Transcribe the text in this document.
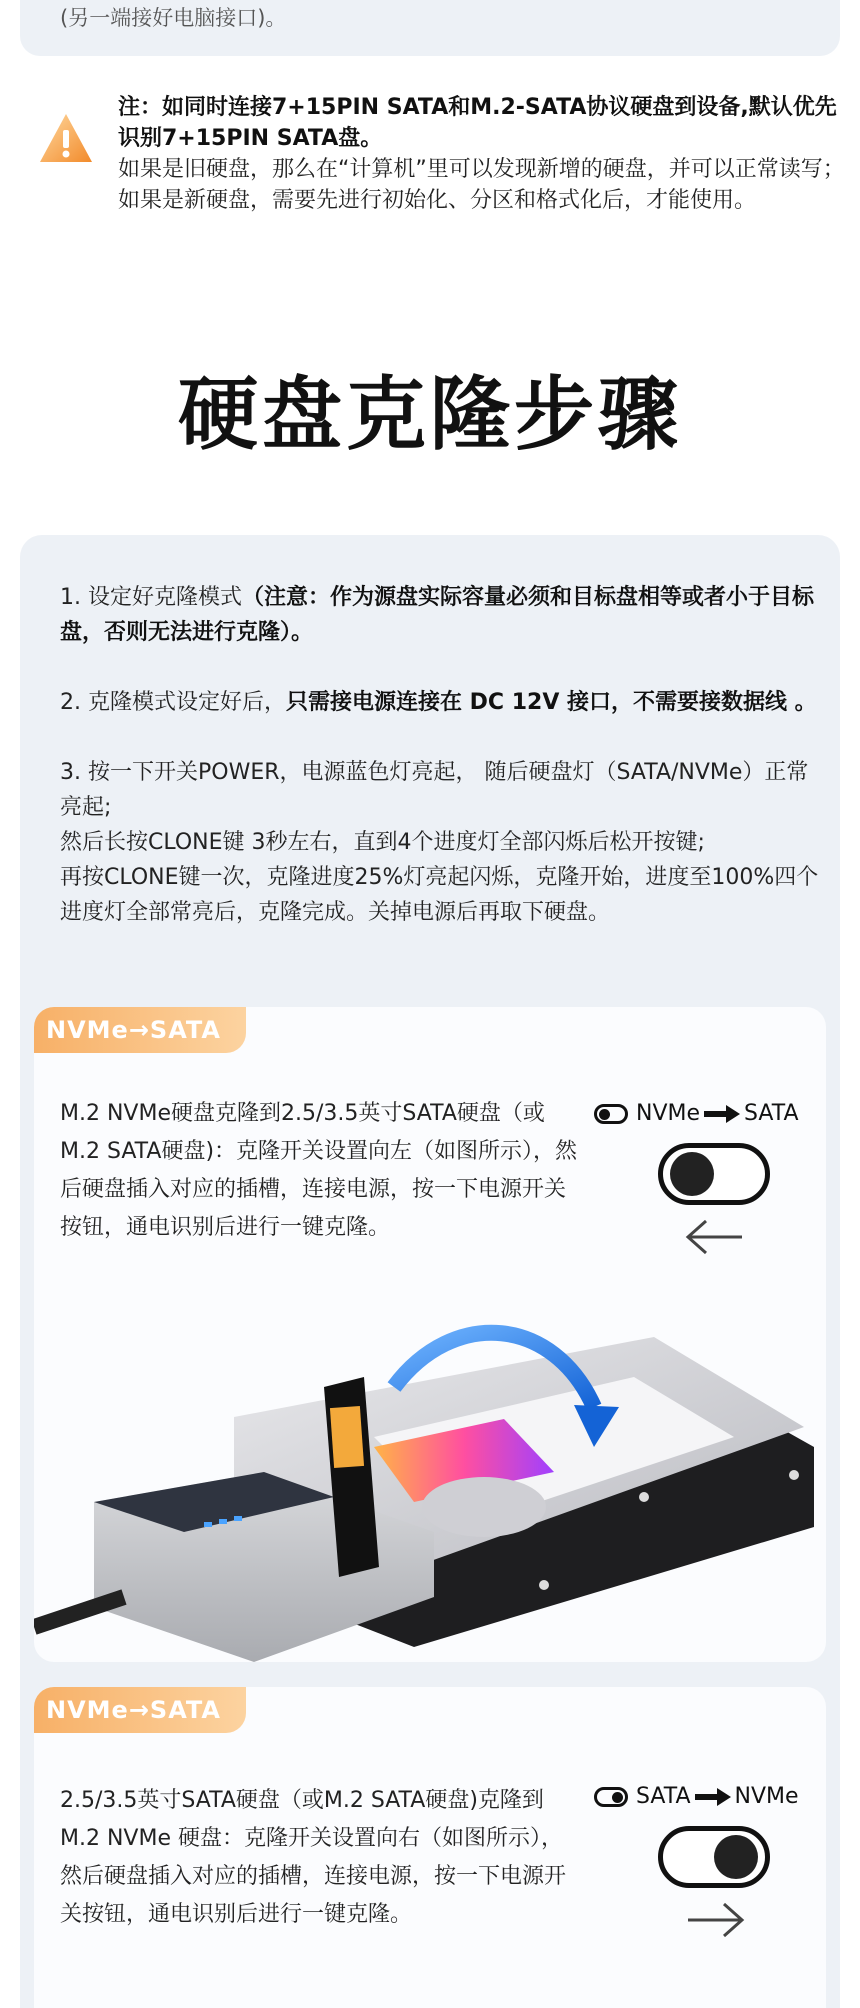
(另一端接好电脑接口)。
注：如同时连接7+15PIN SATA和M.2-SATA协议硬盘到设备,默认优先识别7+15PIN SATA盘。
如果是旧硬盘，那么在“计算机”里可以发现新增的硬盘，并可以正常读写；如果是新硬盘，需要先进行初始化、分区和格式化后，才能使用。
硬盘克隆步骤

1. 设定好克隆模式（注意：作为源盘实际容量必须和目标盘相等或者小于目标盘，否则无法进行克隆）。

2. 克隆模式设定好后，只需接电源连接在 DC 12V 接口，不需要接数据线 。

3. 按一下开关POWER，电源蓝色灯亮起， 随后硬盘灯（SATA/NVMe）正常亮起;
然后长按CLONE键 3秒左右，直到4个进度灯全部闪烁后松开按键;
再按CLONE键一次，克隆进度25%灯亮起闪烁，克隆开始，进度至100%四个进度灯全部常亮后，克隆完成。关掉电源后再取下硬盘。

NVMe→SATA
M.2 NVMe硬盘克隆到2.5/3.5英寸SATA硬盘（或M.2 SATA硬盘)：克隆开关设置向左（如图所示），然后硬盘插入对应的插槽，连接电源，按一下电源开关按钮，通电识别后进行一键克隆。
NVMe SATA
NVMe→SATA
2.5/3.5英寸SATA硬盘（或M.2 SATA硬盘)克隆到M.2 NVMe 硬盘：克隆开关设置向右（如图所示），然后硬盘插入对应的插槽，连接电源，按一下电源开关按钮，通电识别后进行一键克隆。
SATA NVMe
